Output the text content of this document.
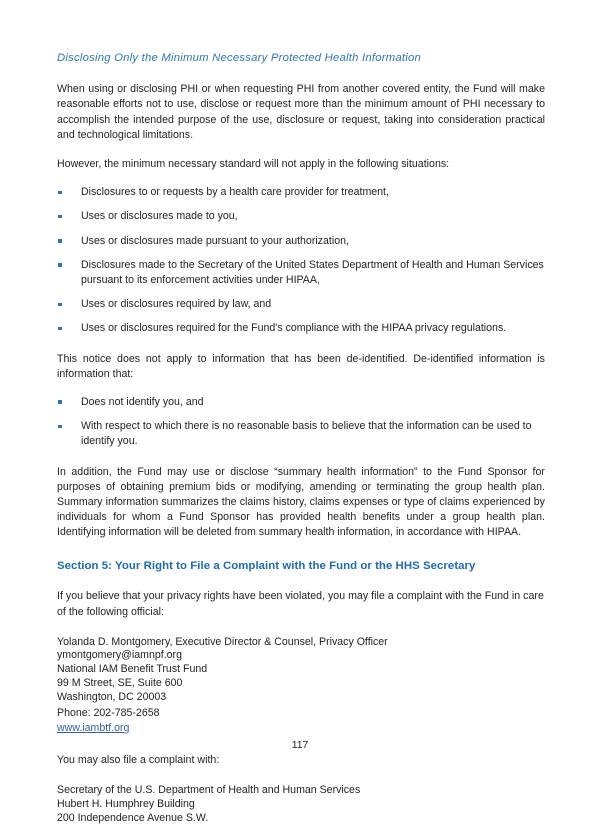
Disclosing Only the Minimum Necessary Protected Health Information

When using or disclosing PHI or when requesting PHI from another covered entity, the Fund will make reasonable efforts not to use, disclose or request more than the minimum amount of PHI necessary to accomplish the intended purpose of the use, disclosure or request, taking into consideration practical and technological limitations.

However, the minimum necessary standard will not apply in the following situations:

Disclosures to or requests by a health care provider for treatment,
Uses or disclosures made to you,
Uses or disclosures made pursuant to your authorization,
Disclosures made to the Secretary of the United States Department of Health and Human Services pursuant to its enforcement activities under HIPAA,
Uses or disclosures required by law, and
Uses or disclosures required for the Fund's compliance with the HIPAA privacy regulations.

This notice does not apply to information that has been de-identified. De-identified information is information that:

Does not identify you, and
With respect to which there is no reasonable basis to believe that the information can be used to identify you.

In addition, the Fund may use or disclose “summary health information” to the Fund Sponsor for purposes of obtaining premium bids or modifying, amending or terminating the group health plan. Summary information summarizes the claims history, claims expenses or type of claims experienced by individuals for whom a Fund Sponsor has provided health benefits under a group health plan. Identifying information will be deleted from summary health information, in accordance with HIPAA.

Section 5: Your Right to File a Complaint with the Fund or the HHS Secretary

If you believe that your privacy rights have been violated, you may file a complaint with the Fund in care of the following official:

Yolanda D. Montgomery, Executive Director & Counsel, Privacy Officer
ymontgomery@iamnpf.org
National IAM Benefit Trust Fund
99 M Street, SE, Suite 600
Washington, DC 20003
Phone: 202-785-2658
www.iambtf.org

You may also file a complaint with:

Secretary of the U.S. Department of Health and Human Services
Hubert H. Humphrey Building
200 Independence Avenue S.W.
117
